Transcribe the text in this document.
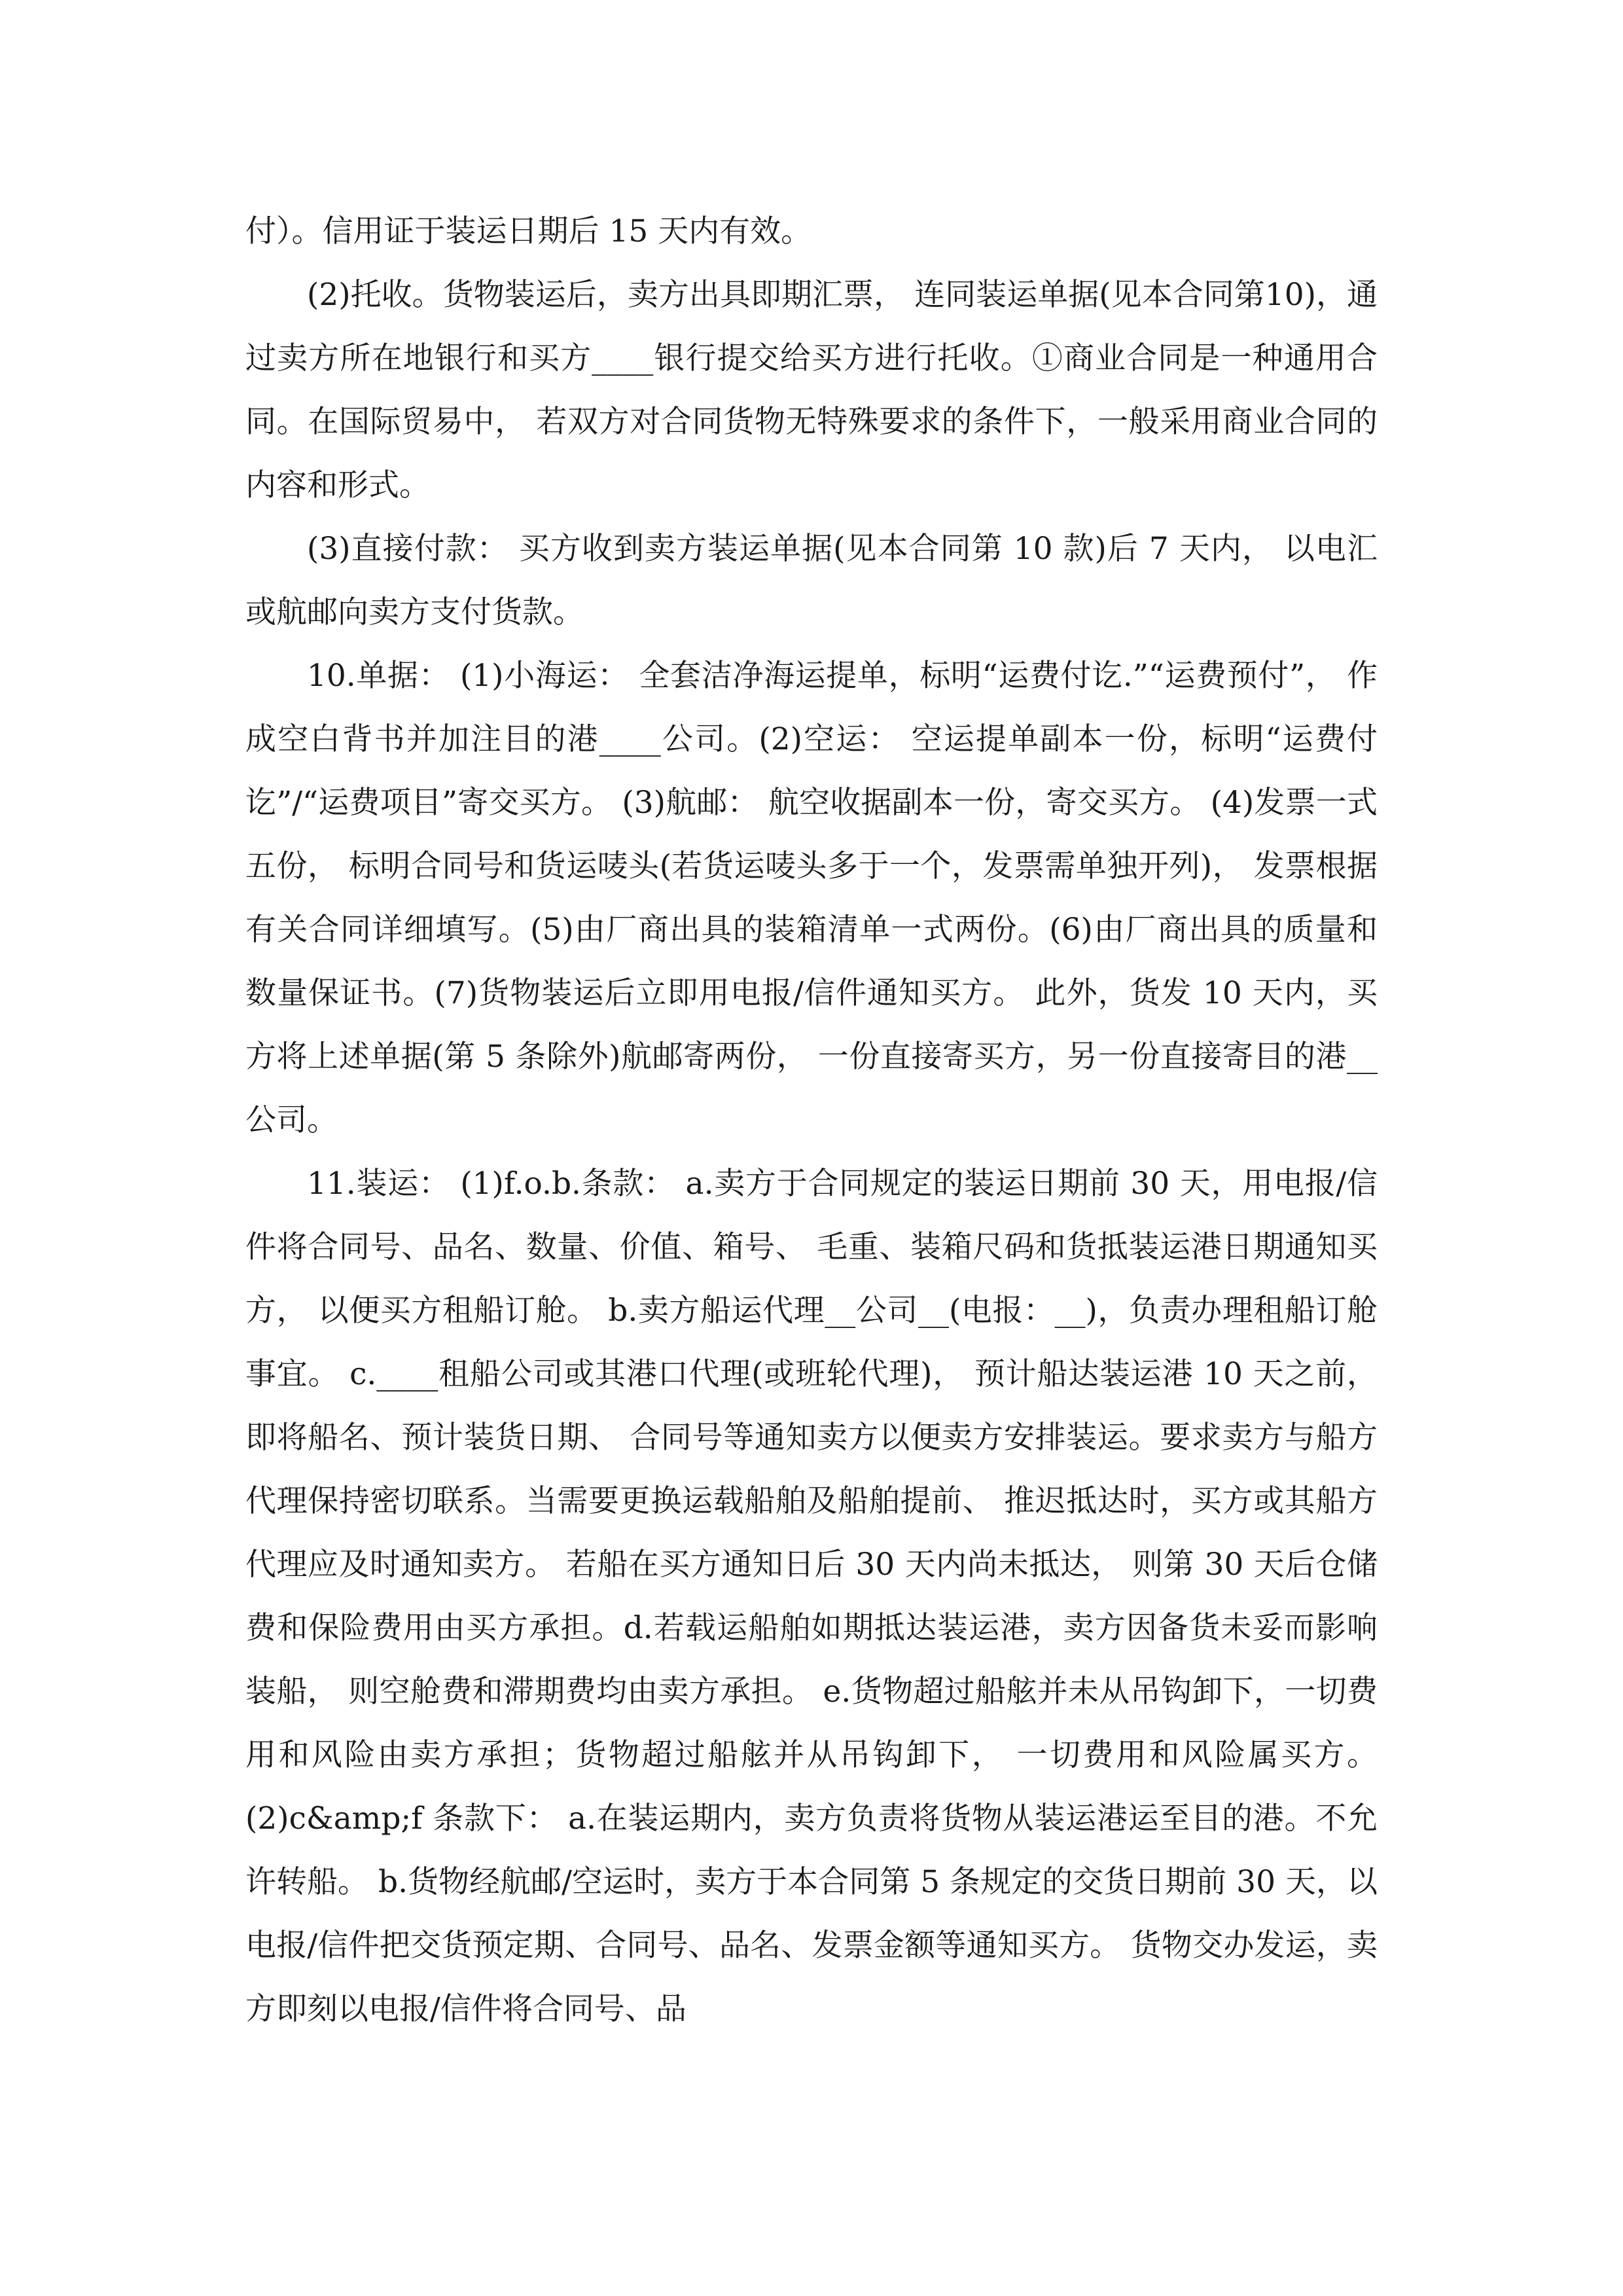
付）。信用证于装运日期后 15 天内有效。

(2)托收。货物装运后，卖方出具即期汇票， 连同装运单据(见本合同第10)，通过卖方所在地银行和买方____银行提交给买方进行托收。①商业合同是一种通用合同。在国际贸易中， 若双方对合同货物无特殊要求的条件下，一般采用商业合同的内容和形式。

(3)直接付款： 买方收到卖方装运单据(见本合同第 10 款)后 7 天内， 以电汇或航邮向卖方支付货款。

10.单据： (1)小海运： 全套洁净海运提单，标明“运费付讫.”“运费预付”， 作成空白背书并加注目的港____公司。(2)空运： 空运提单副本一份，标明“运费付讫”/“运费项目”寄交买方。 (3)航邮： 航空收据副本一份，寄交买方。 (4)发票一式五份， 标明合同号和货运唛头(若货运唛头多于一个，发票需单独开列)， 发票根据有关合同详细填写。(5)由厂商出具的装箱清单一式两份。(6)由厂商出具的质量和数量保证书。(7)货物装运后立即用电报/信件通知买方。 此外，货发 10 天内，买方将上述单据(第 5 条除外)航邮寄两份， 一份直接寄买方，另一份直接寄目的港__公司。

11.装运： (1)f.o.b.条款： a.卖方于合同规定的装运日期前 30 天，用电报/信件将合同号、品名、数量、价值、箱号、 毛重、装箱尺码和货抵装运港日期通知买方， 以便买方租船订舱。 b.卖方船运代理__公司__(电报：__)，负责办理租船订舱事宜。 c.____租船公司或其港口代理(或班轮代理)， 预计船达装运港 10 天之前，即将船名、预计装货日期、 合同号等通知卖方以便卖方安排装运。要求卖方与船方代理保持密切联系。当需要更换运载船舶及船舶提前、 推迟抵达时，买方或其船方代理应及时通知卖方。 若船在买方通知日后 30 天内尚未抵达， 则第 30 天后仓储费和保险费用由买方承担。d.若载运船舶如期抵达装运港，卖方因备货未妥而影响装船， 则空舱费和滞期费均由卖方承担。 e.货物超过船舷并未从吊钩卸下，一切费用和风险由卖方承担；货物超过船舷并从吊钩卸下， 一切费用和风险属买方。 (2)c&amp;f 条款下： a.在装运期内，卖方负责将货物从装运港运至目的港。不允许转船。 b.货物经航邮/空运时，卖方于本合同第 5 条规定的交货日期前 30 天，以电报/信件把交货预定期、合同号、品名、发票金额等通知买方。 货物交办发运，卖方即刻以电报/信件将合同号、品
